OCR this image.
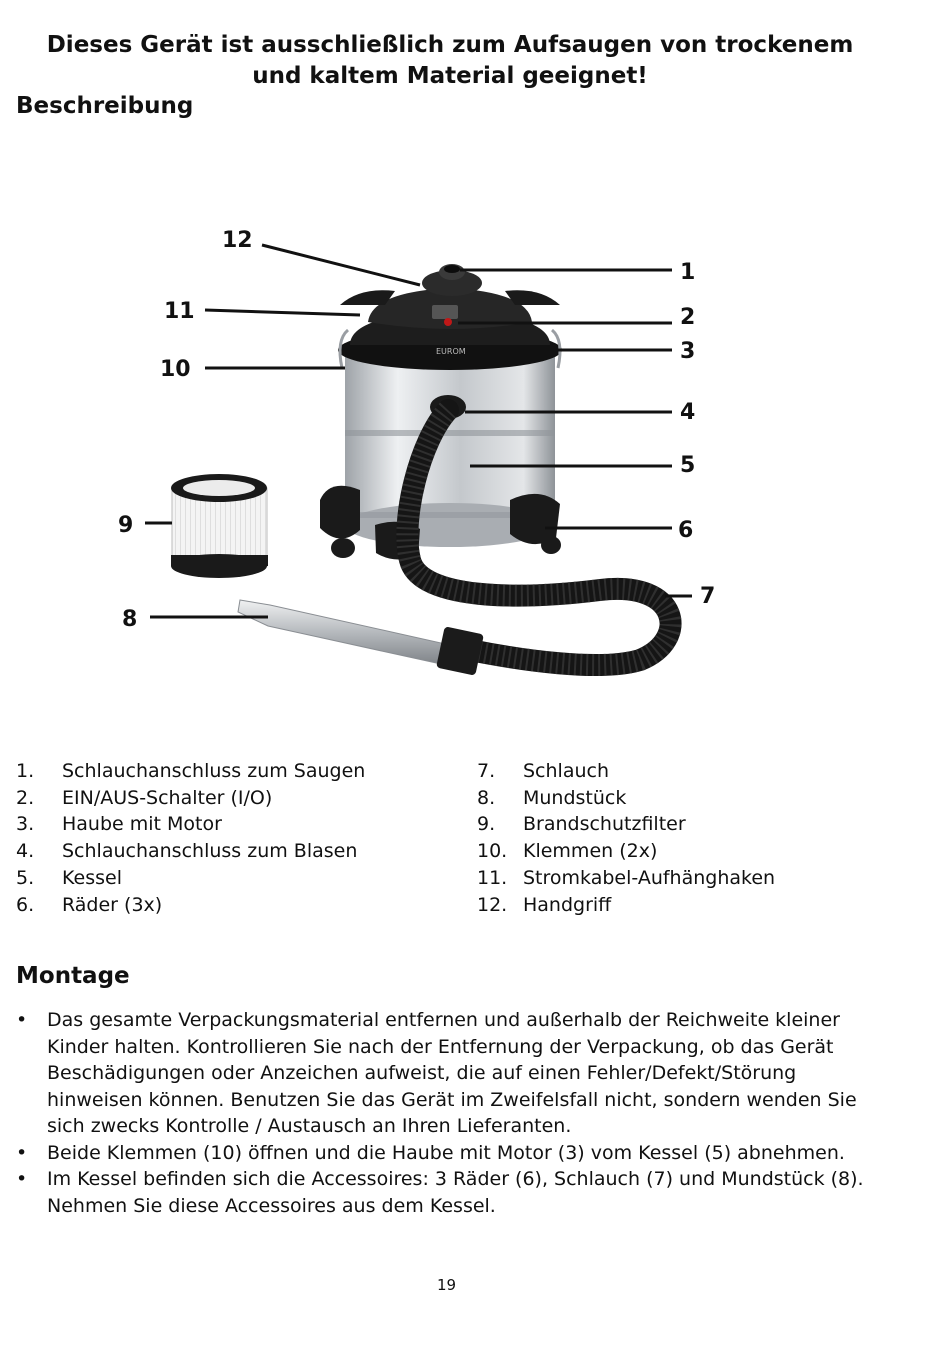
Dieses Gerät ist ausschließlich zum Aufsaugen von trockenem
und kaltem Material geeignet!
Beschreibung
EUROM
12
11
10
9
8
1
2
3
4
5
6
7
1.	Schlauchanschluss zum Saugen
2.	EIN/AUS-Schalter (I/O)
3.	Haube mit Motor
4.	Schlauchanschluss zum Blasen
5.	Kessel
6.	Räder (3x)
7.	Schlauch
8.	Mundstück
9.	Brandschutzfilter
10. Klemmen (2x)
11. Stromkabel-Aufhänghaken
12. Handgriff
Montage
• Das gesamte Verpackungsmaterial entfernen und außerhalb der Reichweite kleiner Kinder halten. Kontrollieren Sie nach der Entfernung der Verpackung, ob das Gerät Beschädigungen oder Anzeichen aufweist, die auf einen Fehler/Defekt/Störung hinweisen können. Benutzen Sie das Gerät im Zweifelsfall nicht, sondern wenden Sie sich zwecks Kontrolle / Austausch an Ihren Lieferanten.
• Beide Klemmen (10) öffnen und die Haube mit Motor (3) vom Kessel (5) abnehmen.
• Im Kessel befinden sich die Accessoires: 3 Räder (6), Schlauch (7) und Mundstück (8). Nehmen Sie diese Accessoires aus dem Kessel.
19
